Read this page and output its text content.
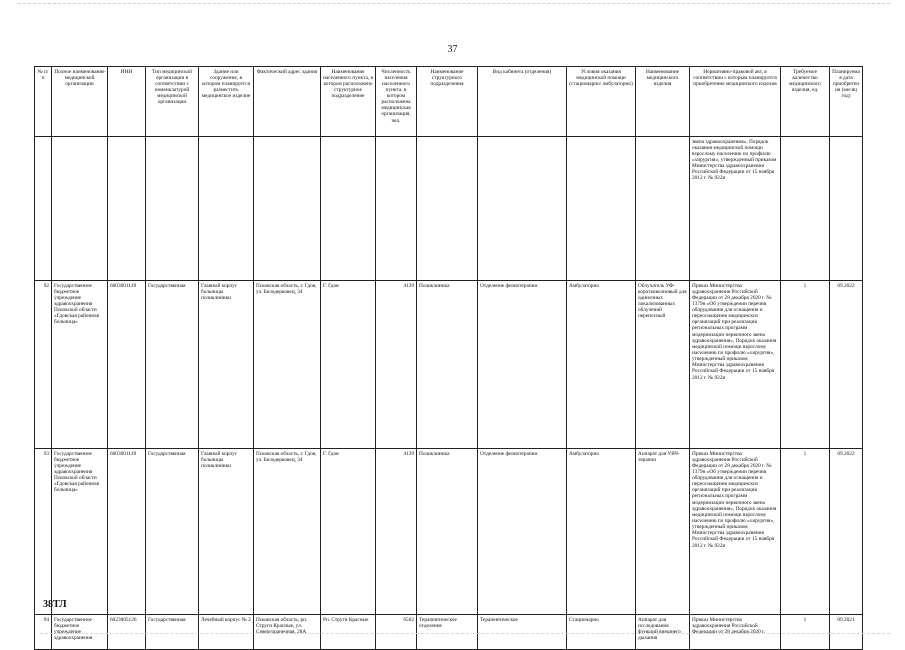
37
№ п/п	Полное наименование медицинской организации	ИНН	Тип медицинской организации в соответствии с номенклатурой медицинской организации	Здание или сооружение, в котором планируется разместить медицинское изделие	Фактический адрес здания	Наименование населенного пункта, в котором расположено структурное подразделение	Численность населения населенного пункта, в котором расположена медицинская организация, чел.	Наименование структурного подразделения	Вид кабинета (отделения)	Условия оказания медицинской помощи (стационарно/ амбулаторно)	Наименование медицинского изделия	Нормативно-правовой акт, в соответствии с которым планируется приобретение медицинского изделия	Требуемое количество медицинского изделия, ед.	Планируемая дата приобретения (месяц год)
												звена здравоохранения», Порядок оказания медицинской помощи взрослому населению по профилю «хирургия», утвержденный приказом Министерства здравоохранения Российской Федерации от 15 ноября 2012 г. № 922н		
92	Государственное бюджетное учреждение здравоохранения Псковской области «Гдовская районная больница»	6003001149	Государственная	Главный корпус больницы поликлиники	Псковская область, г. Гдов, ул. Белодерковец, 34	Г. Гдов	4139	Поликлиника	Отделение физиотерапии	Амбулаторно	Облучатель УФ-коротковолновый для одиночных локализованных облучений переносный	Приказ Министерства здравоохранения Российской Федерации от 28 декабря 2020 г. № 1379н «Об утверждении перечня оборудования для оснащения и переоснащения медицинских организаций при реализации региональных программ модернизации первичного звена здравоохранения», Порядок оказания медицинской помощи взрослому населению по профилю «хирургия», утвержденный приказом Министерства здравоохранения Российской Федерации от 15 ноября 2012 г. № 922н	1	09.2022
93	Государственное бюджетное учреждение здравоохранения Псковской области «Гдовская районная больница»	6003001149	Государственная	Главный корпус больницы поликлиники	Псковская область, г. Гдов, ул. Белодерковец, 34	Г. Гдов	4139	Поликлиника	Отделение физиотерапии	Амбулаторно	Аппарат для УВЧ-терапии	Приказ Министерства здравоохранения Российской Федерации от 28 декабря 2020 г. № 1379н «Об утверждении перечня оборудования для оснащения и переоснащения медицинских организаций при реализации региональных программ модернизации первичного звена здравоохранения», Порядок оказания медицинской помощи взрослому населению по профилю «хирургия», утвержденный приказом Министерства здравоохранения Российской Федерации от 15 ноября 2012 г. № 922н	1	09.2022
94	Государственное бюджетное учреждение здравоохранения	6023005126	Государственная	Лечебный корпус № 2	Псковская область, рп. Струги Красные, ул. Севергоранечная, 28А	Рп. Струги Красные	6502	Терапевтическое отделение	Терапевтическое	Стационарно	Аппарат для исследования функций внешнего дыхания	Приказ Министерства здравоохранения Российской Федерации от 28 декабря 2020 г.	1	09.2021
38ТЛ
